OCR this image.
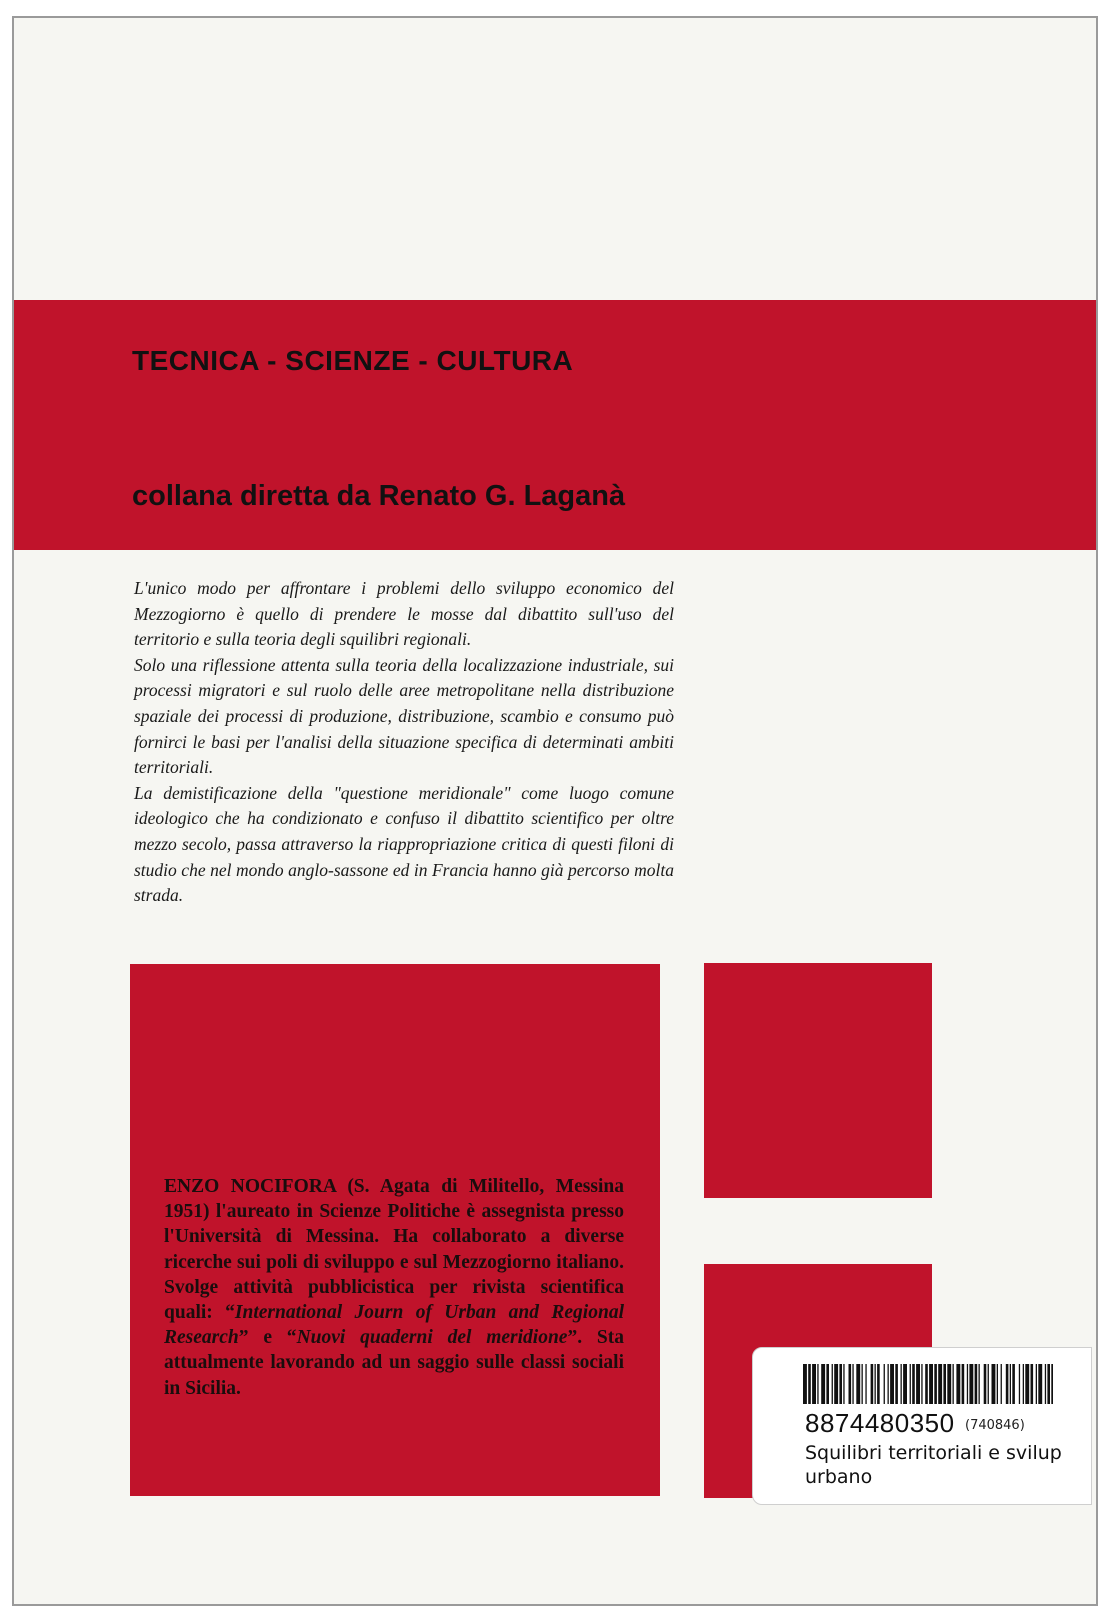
TECNICA - SCIENZE - CULTURA
collana diretta da Renato G. Laganà

L'unico modo per affrontare i problemi dello sviluppo economico del Mezzogiorno è quello di prendere le mosse dal dibattito sull'uso del territorio e sulla teoria degli squilibri regionali.

Solo una riflessione attenta sulla teoria della localizzazione industriale, sui processi migratori e sul ruolo delle aree metropolitane nella distribuzione spaziale dei processi di produzione, distribuzione, scambio e consumo può fornirci le basi per l'analisi della situazione specifica di determinati ambiti territoriali.

La demistificazione della "questione meridionale" come luogo comune ideologico che ha condizionato e confuso il dibattito scientifico per oltre mezzo secolo, passa attraverso la riappropriazione critica di questi filoni di studio che nel mondo anglo-sassone ed in Francia hanno già percorso molta strada.

ENZO NOCIFORA (S. Agata di Militello, Messina 1951) l'aureato in Scienze Politiche è assegnista presso l'Università di Messina. Ha collaborato a diverse ricerche sui poli di sviluppo e sul Mezzogiorno italiano. Svolge attività pubblicistica per rivista scientifica quali: “International Journ of Urban and Regional Research” e “Nuovi quaderni del meridione”. Sta attualmente lavorando ad un saggio sulle classi sociali in Sicilia.
8874480350 (740846)
Squilibri territoriali e svilup
urbano
